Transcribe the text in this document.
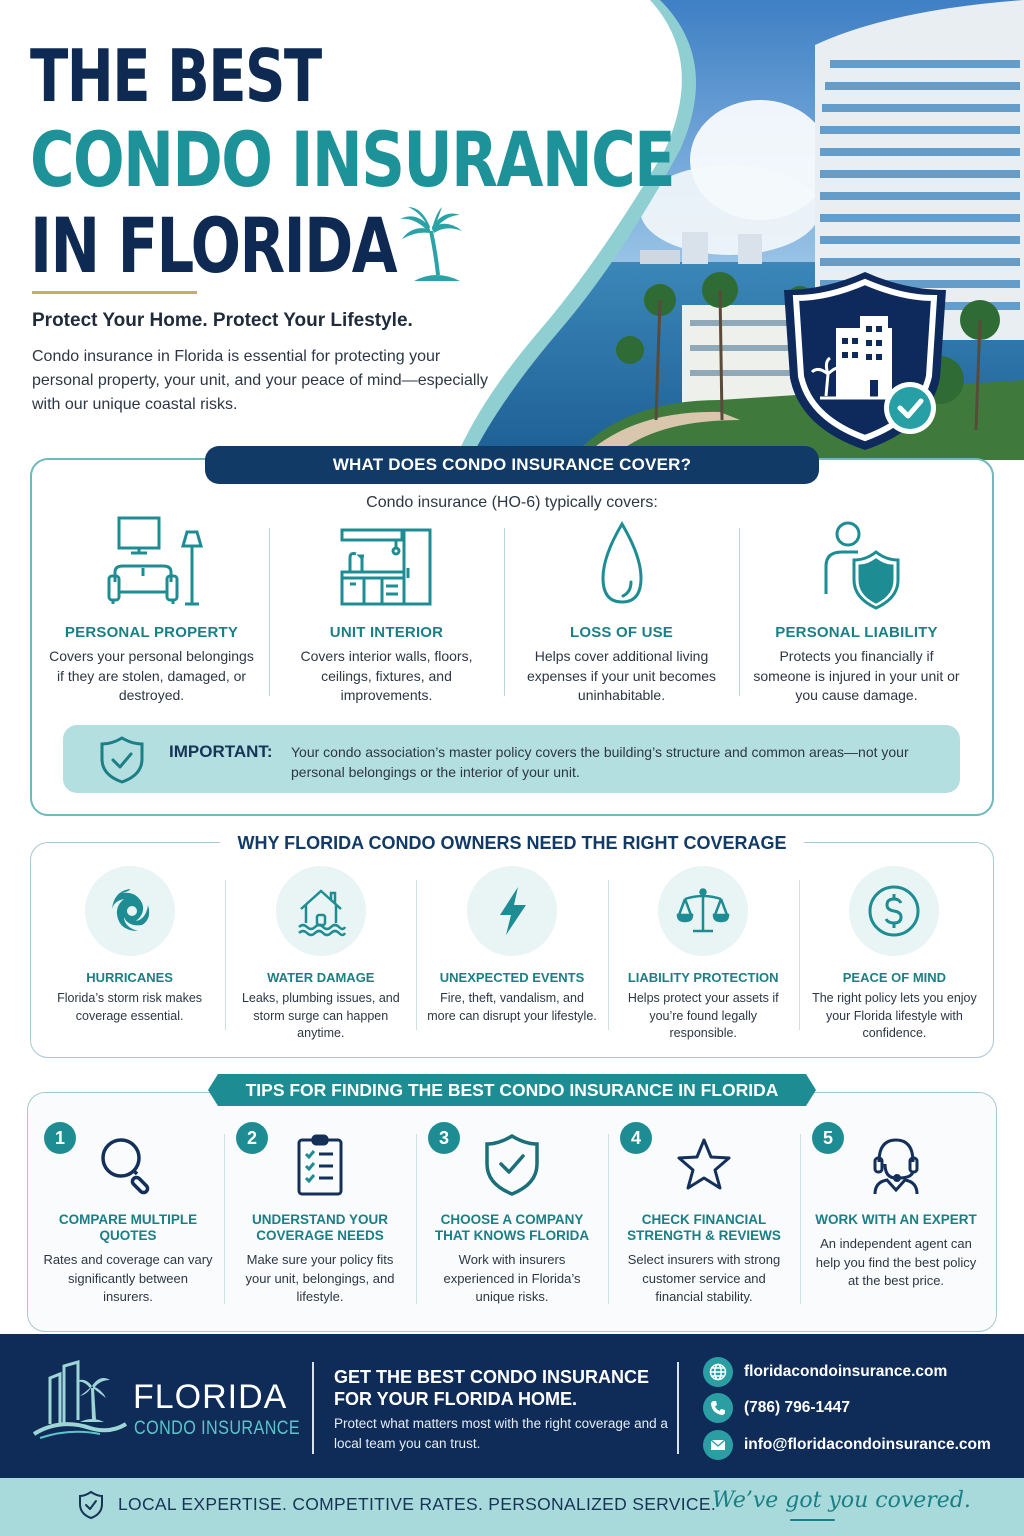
THE BEST
CONDO INSURANCE
IN FLORIDA

Protect Your Home. Protect Your Lifestyle.

Condo insurance in Florida is essential for protecting your personal property, your unit, and your peace of mind—especially with our unique coastal risks.

WHAT DOES CONDO INSURANCE COVER?

Condo insurance (HO-6) typically covers:

PERSONAL PROPERTY
Covers your personal belongings if they are stolen, damaged, or destroyed.
UNIT INTERIOR
Covers interior walls, floors, ceilings, fixtures, and improvements.
LOSS OF USE
Helps cover additional living expenses if your unit becomes uninhabitable.
PERSONAL LIABILITY
Protects you financially if someone is injured in your unit or you cause damage.
IMPORTANT: Your condo association’s master policy covers the building’s structure and common areas—not your personal belongings or the interior of your unit.

WHY FLORIDA CONDO OWNERS NEED THE RIGHT COVERAGE
HURRICANES
Florida’s storm risk makes coverage essential.
WATER DAMAGE
Leaks, plumbing issues, and storm surge can happen anytime.
UNEXPECTED EVENTS
Fire, theft, vandalism, and more can disrupt your lifestyle.
LIABILITY PROTECTION
Helps protect your assets if you’re found legally responsible.
PEACE OF MIND
The right policy lets you enjoy your Florida lifestyle with confidence.
TIPS FOR FINDING THE BEST CONDO INSURANCE IN FLORIDA
1
COMPARE MULTIPLE QUOTES
Rates and coverage can vary significantly between insurers.
2
UNDERSTAND YOUR COVERAGE NEEDS
Make sure your policy fits your unit, belongings, and lifestyle.
3
CHOOSE A COMPANY THAT KNOWS FLORIDA
Work with insurers experienced in Florida’s unique risks.
4
CHECK FINANCIAL STRENGTH & REVIEWS
Select insurers with strong customer service and financial stability.
5
WORK WITH AN EXPERT
An independent agent can help you find the best policy at the best price.
FLORIDA
CONDO INSURANCE
GET THE BEST CONDO INSURANCE
FOR YOUR FLORIDA HOME.

Protect what matters most with the right coverage and a local team you can trust.

floridacondoinsurance.com
(786) 796-1447
info@floridacondoinsurance.com
LOCAL EXPERTISE. COMPETITIVE RATES. PERSONALIZED SERVICE.
We’ve got you covered.
